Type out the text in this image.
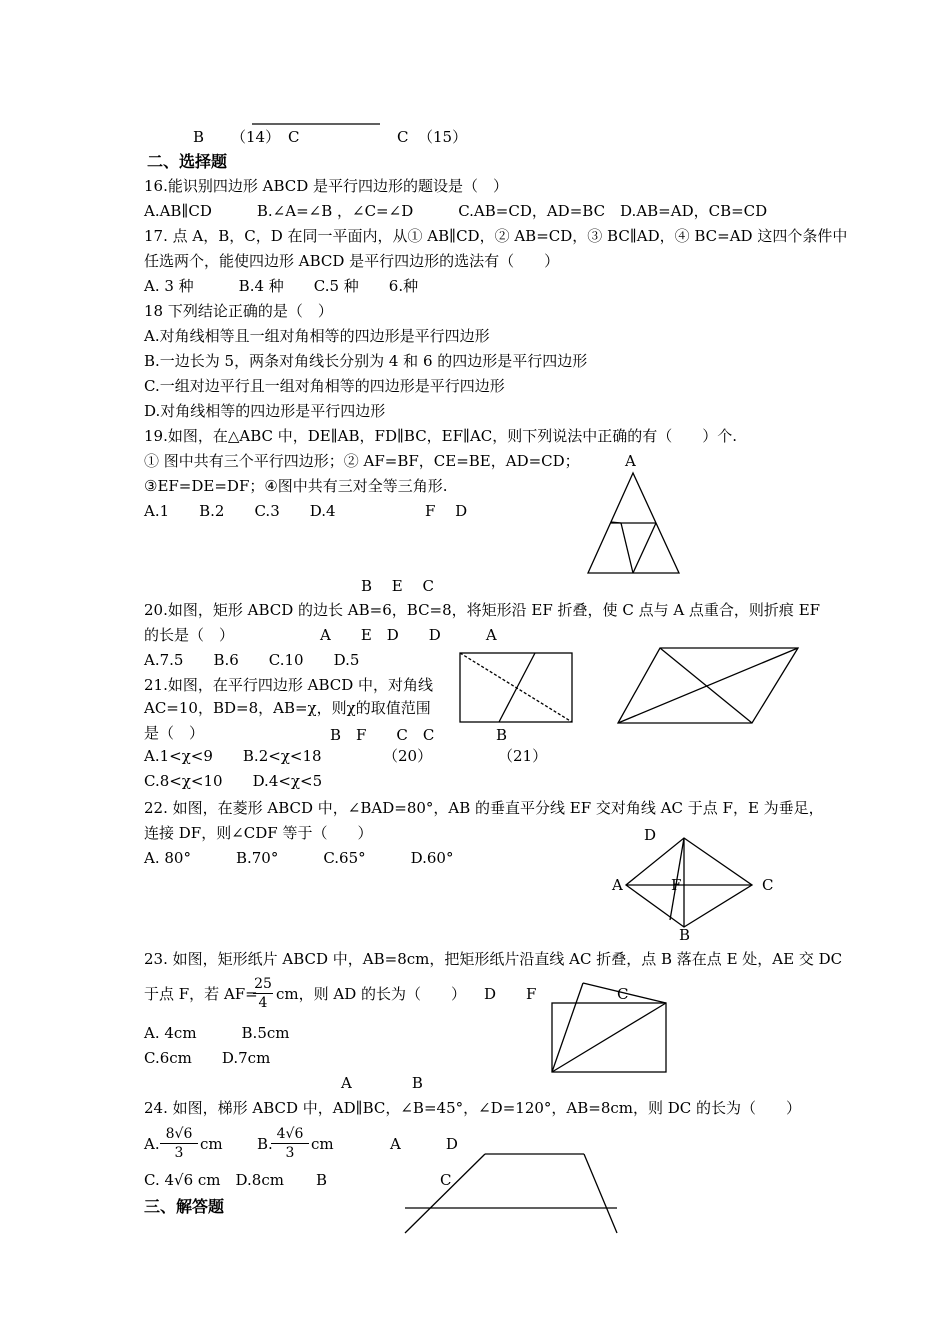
B （14） C	C （15）
二、选择题
16.能识别四边形 ABCD 是平行四边形的题设是（　）
A.AB∥CD　　　B.∠A=∠B ，∠C=∠D　　　C.AB=CD，AD=BC　D.AB=AD，CB=CD
17. 点 A，B，C，D 在同一平面内，从① AB∥CD，② AB=CD，③ BC∥AD，④ BC=AD 这四个条件中
任选两个，能使四边形 ABCD 是平行四边形的选法有（　　）
A. 3 种　　　B.4 种　　C.5 种　　6.种
18 下列结论正确的是（　）
A.对角线相等且一组对角相等的四边形是平行四边形
B.一边长为 5，两条对角线长分别为 4 和 6 的四边形是平行四边形
C.一组对边平行且一组对角相等的四边形是平行四边形
D.对角线相等的四边形是平行四边形
19.如图，在△ABC 中，DE∥AB，FD∥BC，EF∥AC，则下列说法中正确的有（　　）个.
① 图中共有三个平行四边形；② AF=BF，CE=BE，AD=CD；	A
③EF=DE=DF；④图中共有三对全等三角形.
A.1　　B.2　　C.3　　D.4	F　 D
B　 E　 C
20.如图，矩形 ABCD 的边长 AB=6，BC=8，将矩形沿 EF 折叠，使 C 点与 A 点重合，则折痕 EF
的长是（　）	A　　E　D　　D　　　A
A.7.5　　B.6　　C.10　　D.5
21.如图，在平行四边形 ABCD 中，对角线
AC=10，BD=8，AB=χ，则χ的取值范围
是（　）	B　F　　C　C	B
（20）	（21）
A.1<χ<9　　B.2<χ<18
C.8<χ<10　　D.4<χ<5
22. 如图，在菱形 ABCD 中，∠BAD=80°，AB 的垂直平分线 EF 交对角线 AC 于点 F，E 为垂足，
连接 DF，则∠CDF 等于（　　）	D
A. 80°　　　B.70°　　　C.65°　　　D.60°
A	F	C
B
23. 如图，矩形纸片 ABCD 中，AB=8cm，把矩形纸片沿直线 AC 折叠，点 B 落在点 E 处，AE 交 DC
于点 F，若 AF=
25
4 cm，则 AD 的长为（　　） D　　F	C
A. 4cm　　　B.5cm
C.6cm　　D.7cm
A　　　　B
24. 如图，梯形 ABCD 中，AD∥BC，∠B=45°，∠D=120°，AB=8cm，则 DC 的长为（　　）
A.
8√6
3	cm B.
4√6
3	cm	A　　　D
C. 4√6 cm　D.8cm B	C
三、解答题
